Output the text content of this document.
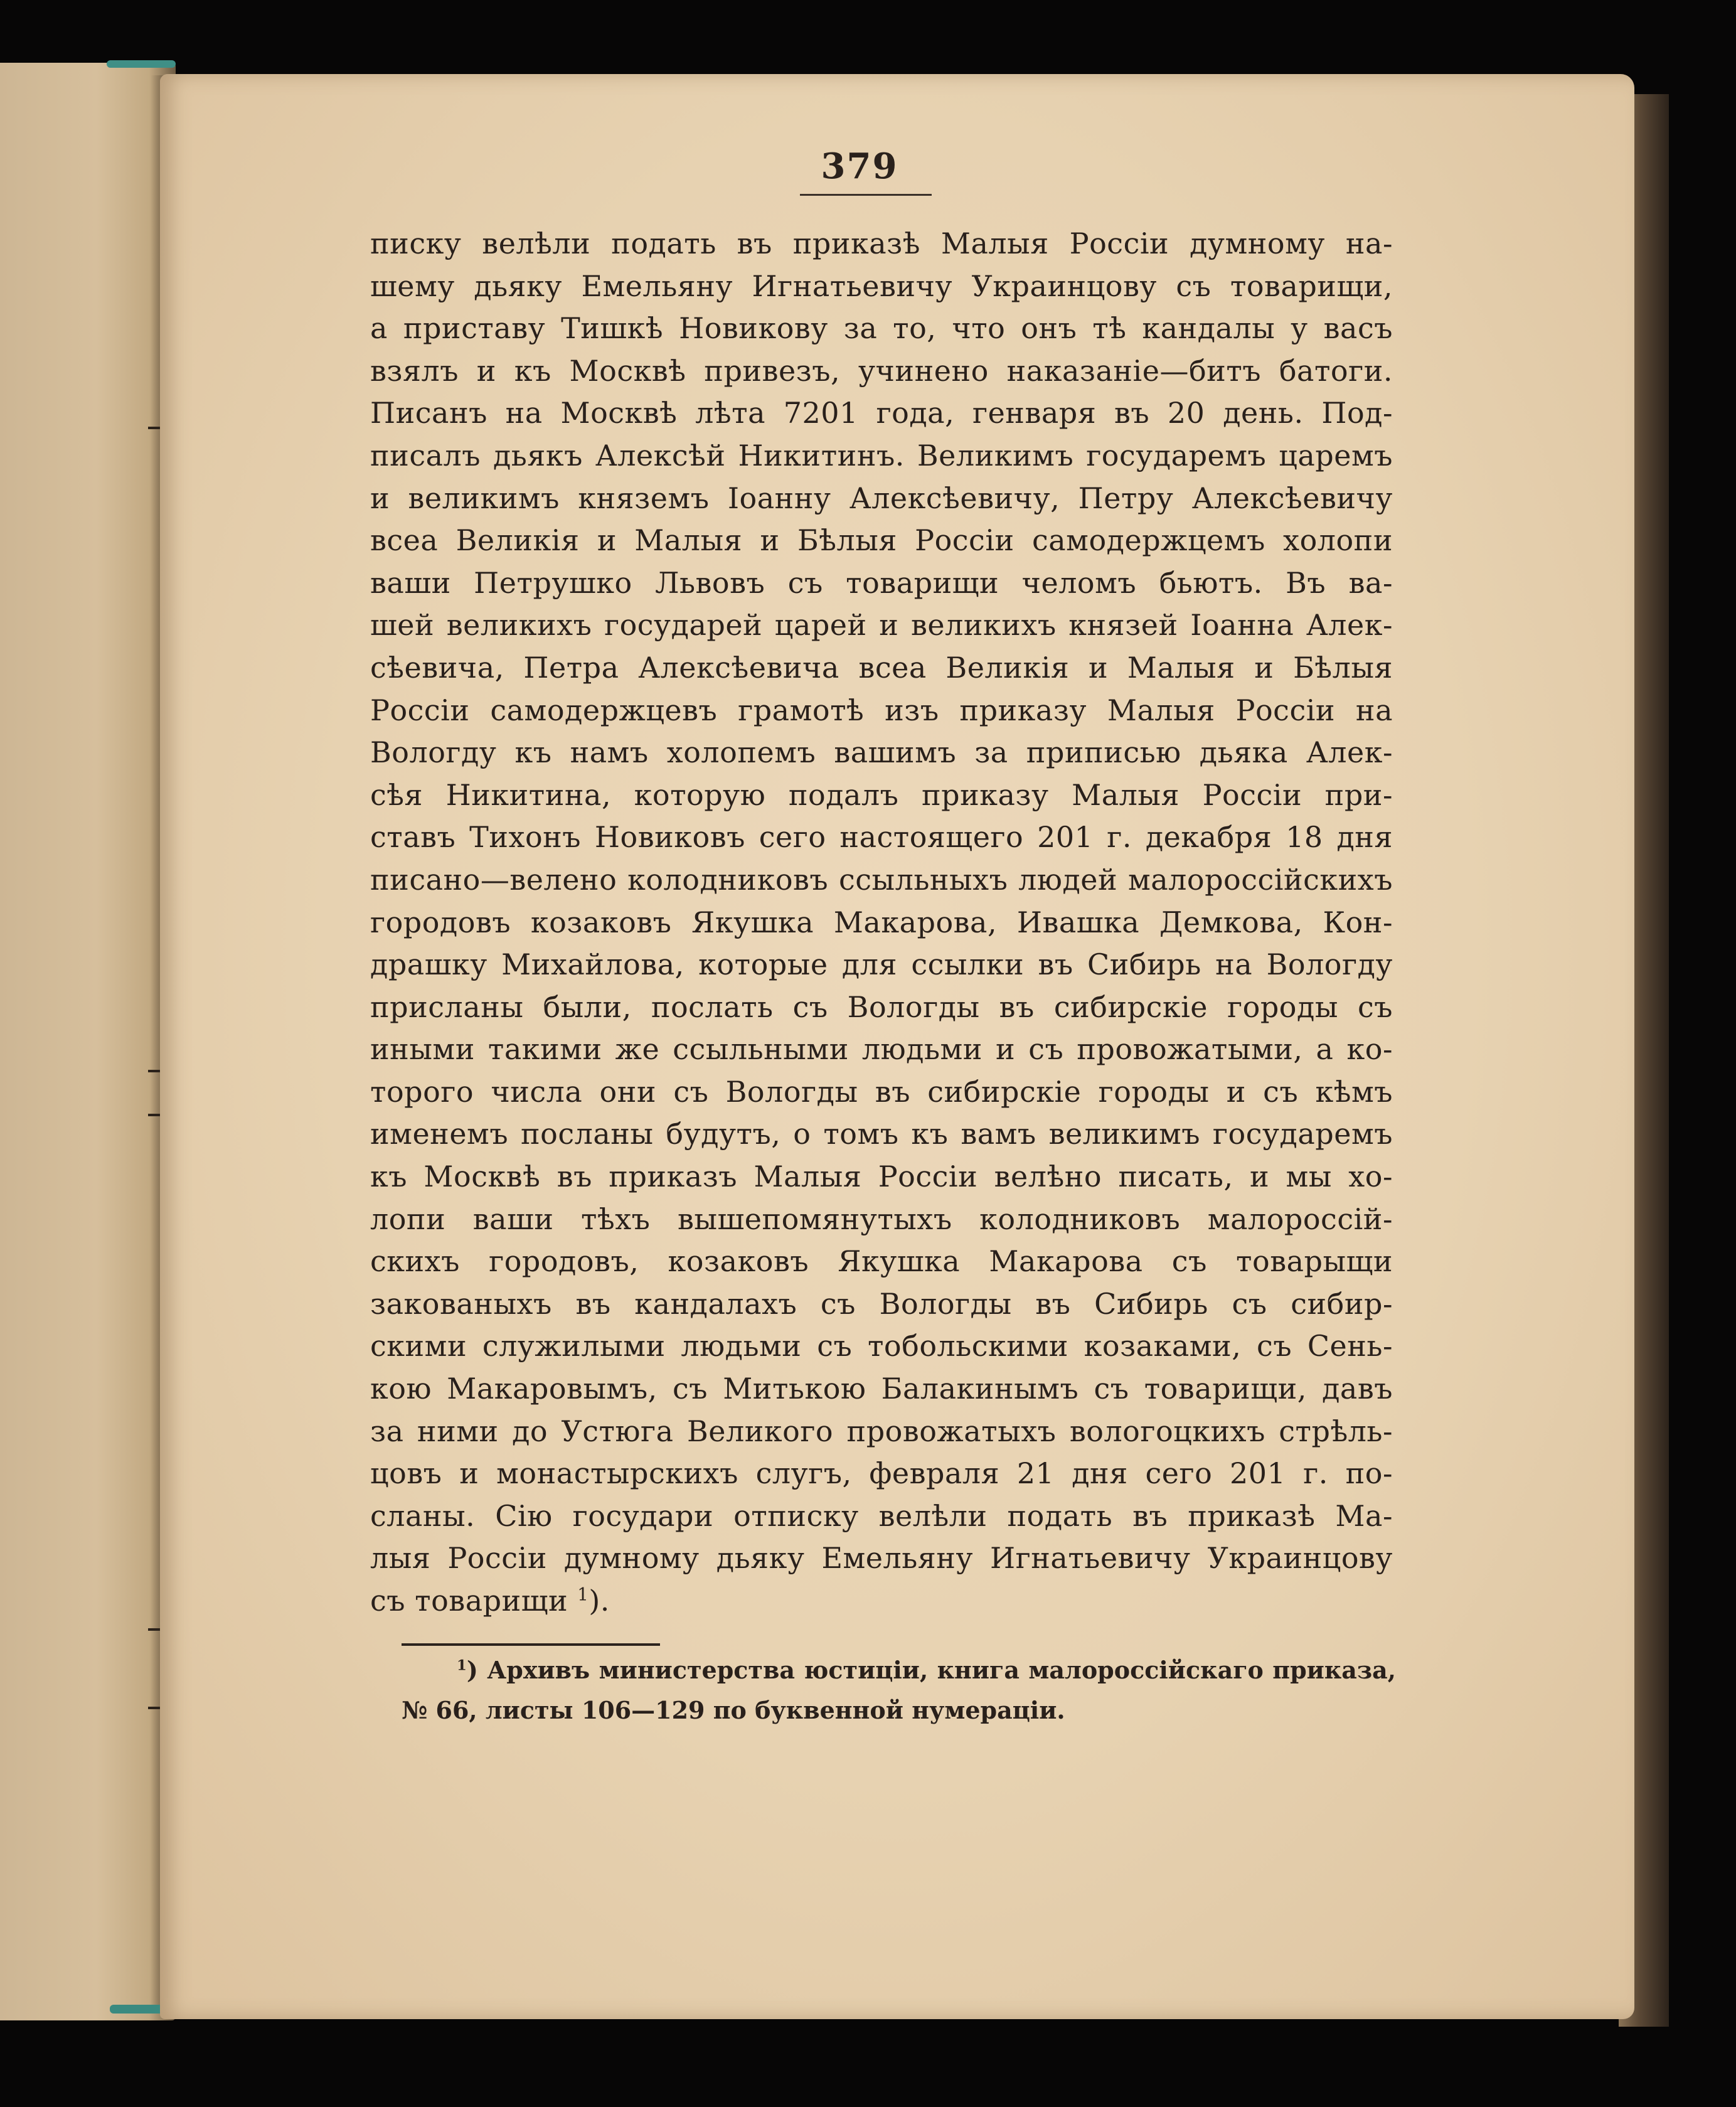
379
писку велѣли подать въ приказѣ Малыя Россіи думному на-
шему дьяку Емельяну Игнатьевичу Украинцову съ товарищи,
а приставу Тишкѣ Новикову за то, что онъ тѣ кандалы у васъ
взялъ и къ Москвѣ привезъ, учинено наказаніе—битъ батоги.
Писанъ на Москвѣ лѣта 7201 года, генваря въ 20 день. Под-
писалъ дьякъ Алексѣй Никитинъ. Великимъ государемъ царемъ
и великимъ княземъ Іоанну Алексѣевичу, Петру Алексѣевичу
всеа Великія и Малыя и Бѣлыя Россіи самодержцемъ холопи
ваши Петрушко Львовъ съ товарищи челомъ бьютъ. Въ ва-
шей великихъ государей царей и великихъ князей Іоанна Алек-
сѣевича, Петра Алексѣевича всеа Великія и Малыя и Бѣлыя
Россіи самодержцевъ грамотѣ изъ приказу Малыя Россіи на
Вологду къ намъ холопемъ вашимъ за приписью дьяка Алек-
сѣя Никитина, которую подалъ приказу Малыя Россіи при-
ставъ Тихонъ Новиковъ сего настоящего 201 г. декабря 18 дня
писано—велено колодниковъ ссыльныхъ людей малороссійскихъ
городовъ козаковъ Якушка Макарова, Ивашка Демкова, Кон-
драшку Михайлова, которые для ссылки въ Сибирь на Вологду
присланы были, послать съ Вологды въ сибирскіе городы съ
иными такими же ссыльными людьми и съ провожатыми, а ко-
торого числа они съ Вологды въ сибирскіе городы и съ кѣмъ
именемъ посланы будутъ, о томъ къ вамъ великимъ государемъ
къ Москвѣ въ приказъ Малыя Россіи велѣно писать, и мы хо-
лопи ваши тѣхъ вышепомянутыхъ колодниковъ малороссій-
скихъ городовъ, козаковъ Якушка Макарова съ товарыщи
закованыхъ въ кандалахъ съ Вологды въ Сибирь съ сибир-
скими служилыми людьми съ тобольскими козаками, съ Сень-
кою Макаровымъ, съ Митькою Балакинымъ съ товарищи, давъ
за ними до Устюга Великого провожатыхъ вологоцкихъ стрѣль-
цовъ и монастырскихъ слугъ, февраля 21 дня сего 201 г. по-
сланы. Сію государи отписку велѣли подать въ приказѣ Ма-
лыя Россіи думному дьяку Емельяну Игнатьевичу Украинцову
съ товарищи $^1$).
$^1$) Архивъ министерства юстиціи, книга малороссійскаго приказа,
№ 66, листы 106—129 по буквенной нумераціи.
